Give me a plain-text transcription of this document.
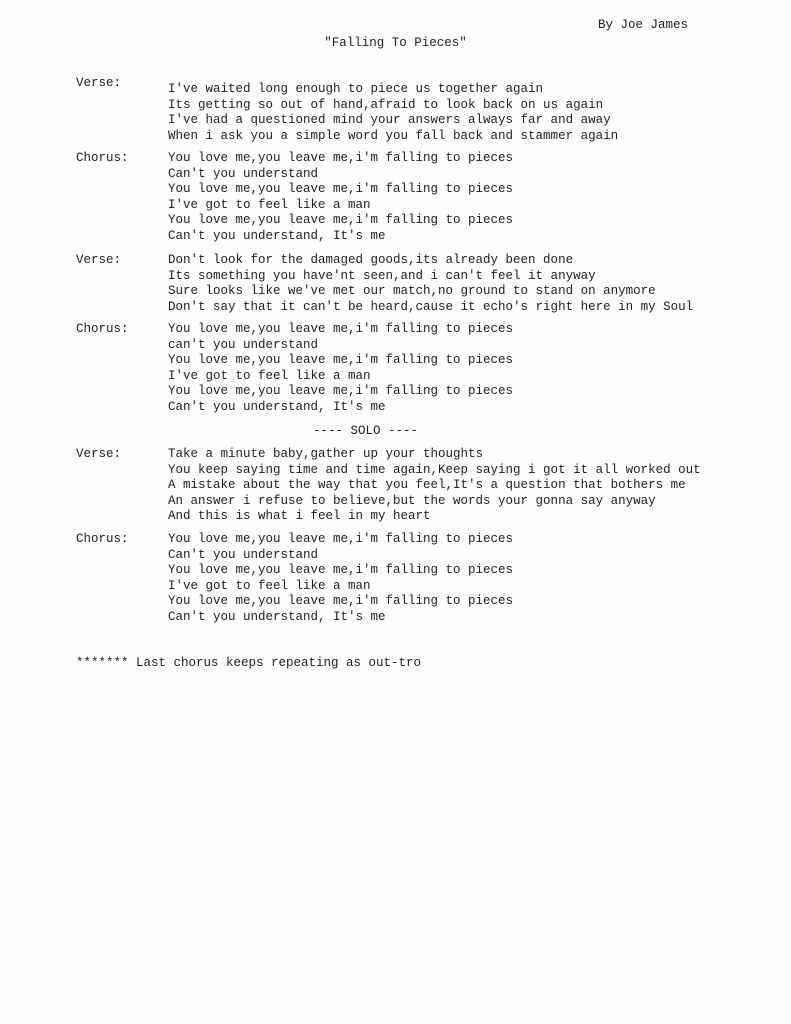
By Joe James
"Falling To Pieces"
Verse:	I've waited long enough to piece us together again
Its getting so out of hand,afraid to look back on us again
I've had a questioned mind your answers always far and away
When i ask you a simple word you fall back and stammer again
Chorus:	You love me,you leave me,i'm falling to pieces
Can't you understand
You love me,you leave me,i'm falling to pieces
I've got to feel like a man
You love me,you leave me,i'm falling to pieces
Can't you understand, It's me
Verse:	Don't look for the damaged goods,its already been done
Its something you have'nt seen,and i can't feel it anyway
Sure looks like we've met our match,no ground to stand on anymore
Don't say that it can't be heard,cause it echo's right here in my Soul
Chorus:	You love me,you leave me,i'm falling to pieces
can't you understand
You love me,you leave me,i'm falling to pieces
I've got to feel like a man
You love me,you leave me,i'm falling to pieces
Can't you understand, It's me
---- SOLO ----
Verse:	Take a minute baby,gather up your thoughts
You keep saying time and time again,Keep saying i got it all worked out
A mistake about the way that you feel,It's a question that bothers me
An answer i refuse to believe,but the words your gonna say anyway
And this is what i feel in my heart
Chorus:	You love me,you leave me,i'm falling to pieces
Can't you understand
You love me,you leave me,i'm falling to pieces
I've got to feel like a man
You love me,you leave me,i'm falling to pieces
Can't you understand, It's me
******* Last chorus keeps repeating as out-tro
